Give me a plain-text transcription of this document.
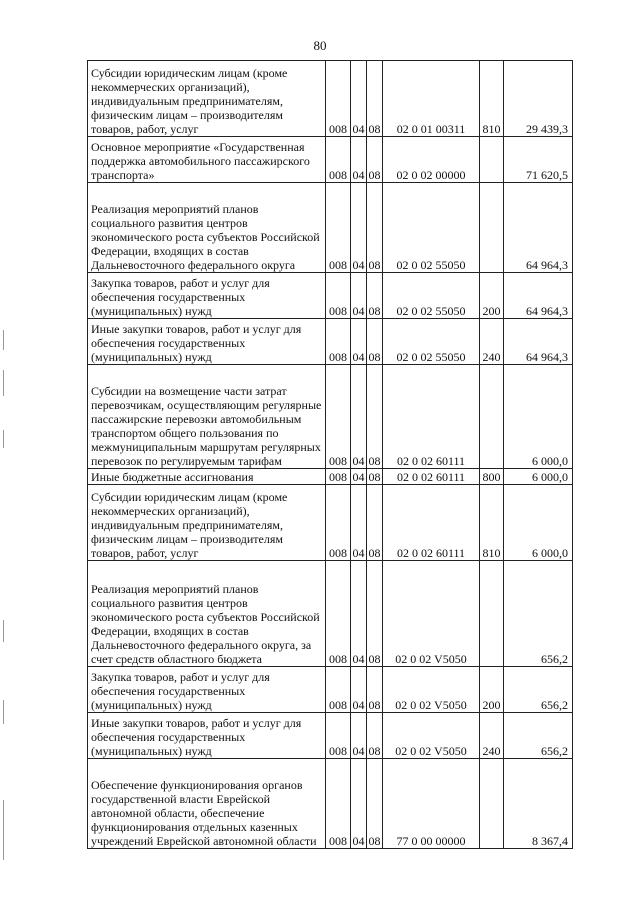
80
Субсидии юридическим лицам (кроме некоммерческих организаций), индивидуальным предпринимателям, физическим лицам – производителям товаров, работ, услуг	008	04	08	02 0 01 00311	810	29 439,3
Основное мероприятие «Государственная поддержка автомобильного пассажирского транспорта»	008	04	08	02 0 02 00000		71 620,5
Реализация мероприятий планов социального развития центров экономического роста субъектов Российской Федерации, входящих в состав Дальневосточного федерального округа	008	04	08	02 0 02 55050		64 964,3
Закупка товаров, работ и услуг для обеспечения государственных (муниципальных) нужд	008	04	08	02 0 02 55050	200	64 964,3
Иные закупки товаров, работ и услуг для обеспечения государственных (муниципальных) нужд	008	04	08	02 0 02 55050	240	64 964,3
Субсидии на возмещение части затрат перевозчикам, осуществляющим регулярные пассажирские перевозки автомобильным транспортом общего пользования по межмуниципальным маршрутам регулярных перевозок по регулируемым тарифам	008	04	08	02 0 02 60111		6 000,0
Иные бюджетные ассигнования	008	04	08	02 0 02 60111	800	6 000,0
Субсидии юридическим лицам (кроме некоммерческих организаций), индивидуальным предпринимателям, физическим лицам – производителям товаров, работ, услуг	008	04	08	02 0 02 60111	810	6 000,0
Реализация мероприятий планов социального развития центров экономического роста субъектов Российской Федерации, входящих в состав Дальневосточного федерального округа, за счет средств областного бюджета	008	04	08	02 0 02 V5050		656,2
Закупка товаров, работ и услуг для обеспечения государственных (муниципальных) нужд	008	04	08	02 0 02 V5050	200	656,2
Иные закупки товаров, работ и услуг для обеспечения государственных (муниципальных) нужд	008	04	08	02 0 02 V5050	240	656,2
Обеспечение функционирования органов государственной власти Еврейской автономной области, обеспечение функционирования отдельных казенных учреждений Еврейской автономной области	008	04	08	77 0 00 00000		8 367,4
